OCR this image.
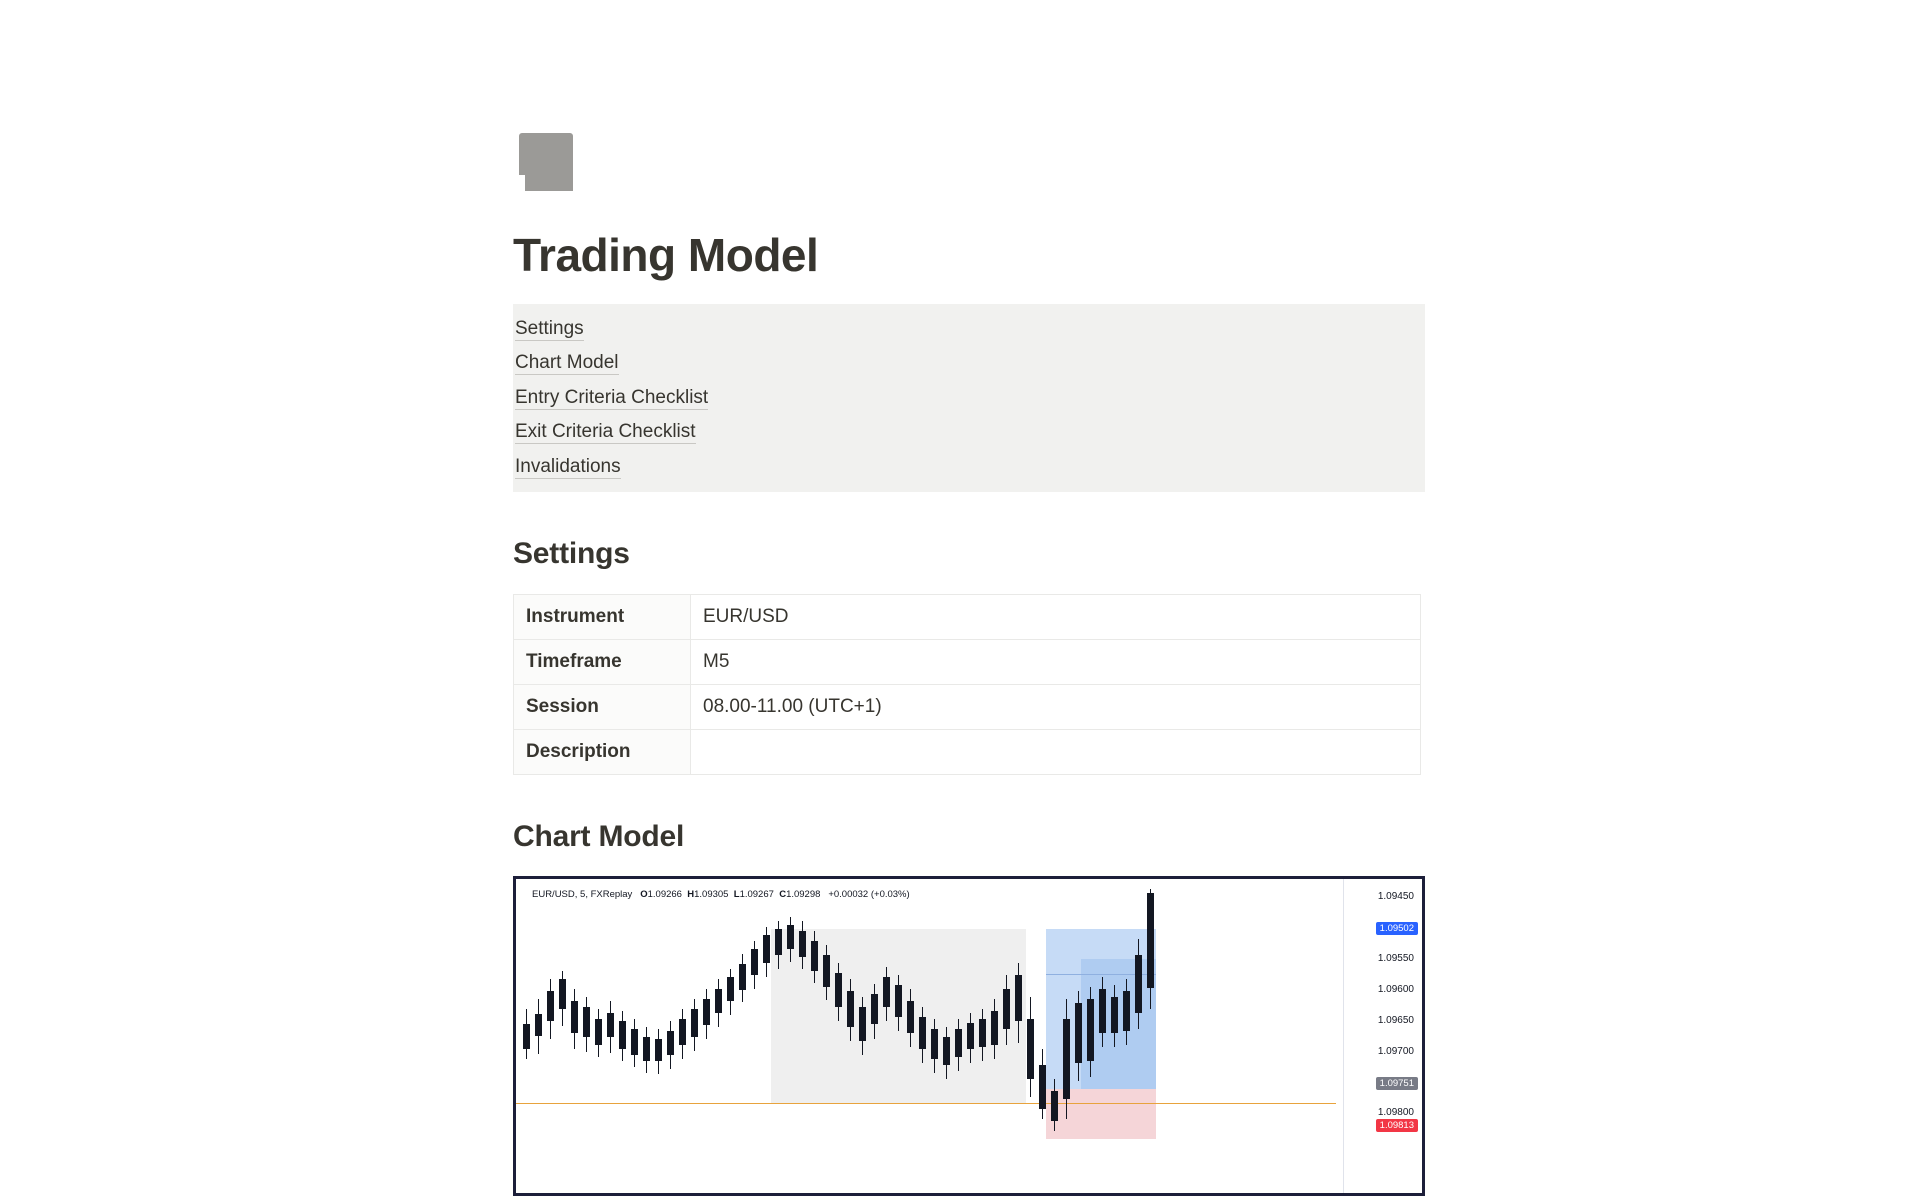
Trading Model
Settings
Chart Model
Entry Criteria Checklist
Exit Criteria Checklist
Invalidations
Settings
Instrument	EUR/USD
Timeframe	M5
Session	08.00-11.00 (UTC+1)
Description	
Chart Model
EUR/USD, 5, FXReplay O1.09266 H1.09305 L1.09267 C1.09298 +0.00032 (+0.03%)	1.09450
1.09502
1.09550
1.09600
1.09650
1.09700
1.09751
1.09800
1.09813
